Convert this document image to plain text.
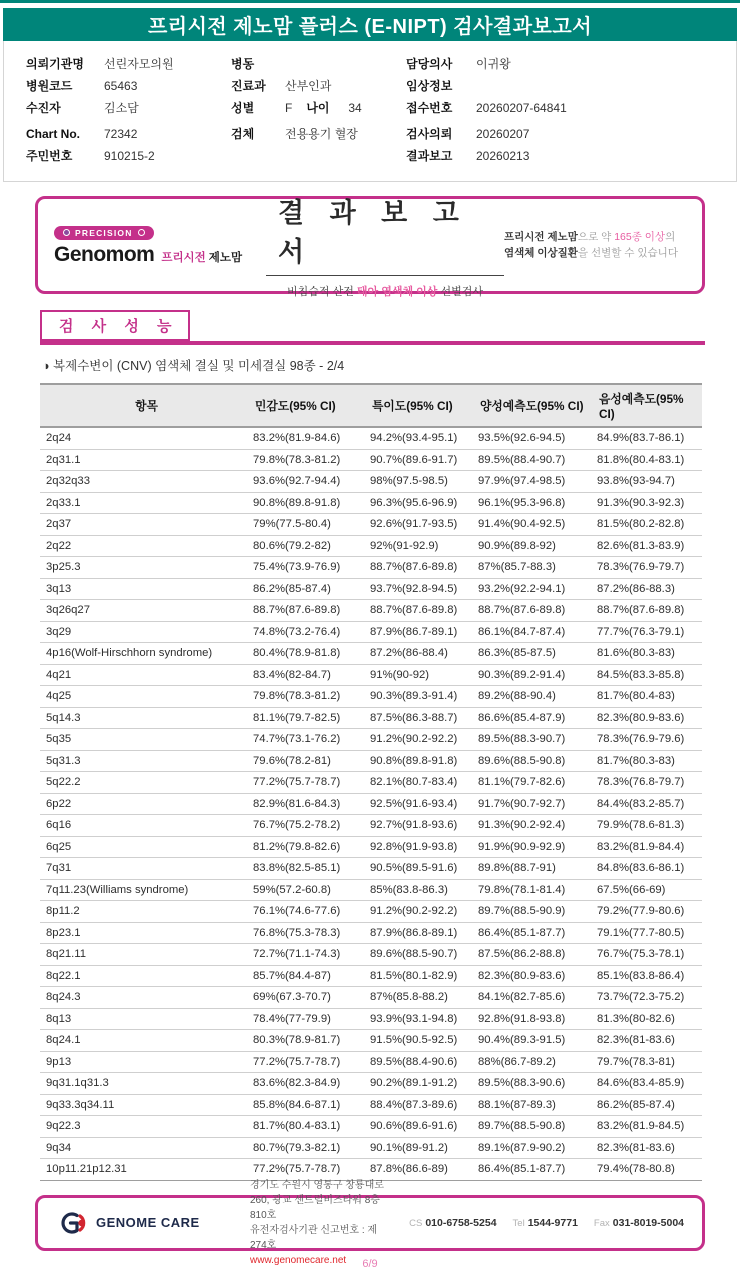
프리시전 제노맘 플러스 (E-NIPT) 검사결과보고서
의뢰기관명	선린자모의원
병원코드	65463
수진자	김소담
Chart No.	72342
주민번호	910215-2
병동
진료과	산부인과
성별	F 나이	34
검체	전용용기 혈장
담당의사	이귀왕
임상정보
접수번호	20260207-64841
검사의뢰	20260207
결과보고	20260213
PRECISION
Genomom 프리시전 제노맘
결 과 보 고 서
비침습적 산전 태아 염색체 이상 선별검사
프리시전 제노맘으로 약 165종 이상의
염색체 이상질환을 선별할 수 있습니다
검 사 성 능
◑ 복제수변이 (CNV) 염색체 결실 및 미세결실 98종 - 2/4
항목	민감도(95% CI)	특이도(95% CI)	양성예측도(95% CI)	음성예측도(95% CI)
2q24	83.2%(81.9-84.6)	94.2%(93.4-95.1)	93.5%(92.6-94.5)	84.9%(83.7-86.1)
2q31.1	79.8%(78.3-81.2)	90.7%(89.6-91.7)	89.5%(88.4-90.7)	81.8%(80.4-83.1)
2q32q33	93.6%(92.7-94.4)	98%(97.5-98.5)	97.9%(97.4-98.5)	93.8%(93-94.7)
2q33.1	90.8%(89.8-91.8)	96.3%(95.6-96.9)	96.1%(95.3-96.8)	91.3%(90.3-92.3)
2q37	79%(77.5-80.4)	92.6%(91.7-93.5)	91.4%(90.4-92.5)	81.5%(80.2-82.8)
2q22	80.6%(79.2-82)	92%(91-92.9)	90.9%(89.8-92)	82.6%(81.3-83.9)
3p25.3	75.4%(73.9-76.9)	88.7%(87.6-89.8)	87%(85.7-88.3)	78.3%(76.9-79.7)
3q13	86.2%(85-87.4)	93.7%(92.8-94.5)	93.2%(92.2-94.1)	87.2%(86-88.3)
3q26q27	88.7%(87.6-89.8)	88.7%(87.6-89.8)	88.7%(87.6-89.8)	88.7%(87.6-89.8)
3q29	74.8%(73.2-76.4)	87.9%(86.7-89.1)	86.1%(84.7-87.4)	77.7%(76.3-79.1)
4p16(Wolf-Hirschhorn syndrome)	80.4%(78.9-81.8)	87.2%(86-88.4)	86.3%(85-87.5)	81.6%(80.3-83)
4q21	83.4%(82-84.7)	91%(90-92)	90.3%(89.2-91.4)	84.5%(83.3-85.8)
4q25	79.8%(78.3-81.2)	90.3%(89.3-91.4)	89.2%(88-90.4)	81.7%(80.4-83)
5q14.3	81.1%(79.7-82.5)	87.5%(86.3-88.7)	86.6%(85.4-87.9)	82.3%(80.9-83.6)
5q35	74.7%(73.1-76.2)	91.2%(90.2-92.2)	89.5%(88.3-90.7)	78.3%(76.9-79.6)
5q31.3	79.6%(78.2-81)	90.8%(89.8-91.8)	89.6%(88.5-90.8)	81.7%(80.3-83)
5q22.2	77.2%(75.7-78.7)	82.1%(80.7-83.4)	81.1%(79.7-82.6)	78.3%(76.8-79.7)
6p22	82.9%(81.6-84.3)	92.5%(91.6-93.4)	91.7%(90.7-92.7)	84.4%(83.2-85.7)
6q16	76.7%(75.2-78.2)	92.7%(91.8-93.6)	91.3%(90.2-92.4)	79.9%(78.6-81.3)
6q25	81.2%(79.8-82.6)	92.8%(91.9-93.8)	91.9%(90.9-92.9)	83.2%(81.9-84.4)
7q31	83.8%(82.5-85.1)	90.5%(89.5-91.6)	89.8%(88.7-91)	84.8%(83.6-86.1)
7q11.23(Williams syndrome)	59%(57.2-60.8)	85%(83.8-86.3)	79.8%(78.1-81.4)	67.5%(66-69)
8p11.2	76.1%(74.6-77.6)	91.2%(90.2-92.2)	89.7%(88.5-90.9)	79.2%(77.9-80.6)
8p23.1	76.8%(75.3-78.3)	87.9%(86.8-89.1)	86.4%(85.1-87.7)	79.1%(77.7-80.5)
8q21.11	72.7%(71.1-74.3)	89.6%(88.5-90.7)	87.5%(86.2-88.8)	76.7%(75.3-78.1)
8q22.1	85.7%(84.4-87)	81.5%(80.1-82.9)	82.3%(80.9-83.6)	85.1%(83.8-86.4)
8q24.3	69%(67.3-70.7)	87%(85.8-88.2)	84.1%(82.7-85.6)	73.7%(72.3-75.2)
8q13	78.4%(77-79.9)	93.9%(93.1-94.8)	92.8%(91.8-93.8)	81.3%(80-82.6)
8q24.1	80.3%(78.9-81.7)	91.5%(90.5-92.5)	90.4%(89.3-91.5)	82.3%(81-83.6)
9p13	77.2%(75.7-78.7)	89.5%(88.4-90.6)	88%(86.7-89.2)	79.7%(78.3-81)
9q31.1q31.3	83.6%(82.3-84.9)	90.2%(89.1-91.2)	89.5%(88.3-90.6)	84.6%(83.4-85.9)
9q33.3q34.11	85.8%(84.6-87.1)	88.4%(87.3-89.6)	88.1%(87-89.3)	86.2%(85-87.4)
9q22.3	81.7%(80.4-83.1)	90.6%(89.6-91.6)	89.7%(88.5-90.8)	83.2%(81.9-84.5)
9q34	80.7%(79.3-82.1)	90.1%(89-91.2)	89.1%(87.9-90.2)	82.3%(81-83.6)
10p11.21p12.31	77.2%(75.7-78.7)	87.8%(86.6-89)	86.4%(85.1-87.7)	79.4%(78-80.8)
GENOME CARE
경기도 수원시 영통구 창룡대로 260, 광교 센트럴비즈타워 8층 810호
유전자검사기관 신고번호 : 제274호
www.genomecare.net
CS 010-6758-5254 Tel 1544-9771 Fax 031-8019-5004
6/9
